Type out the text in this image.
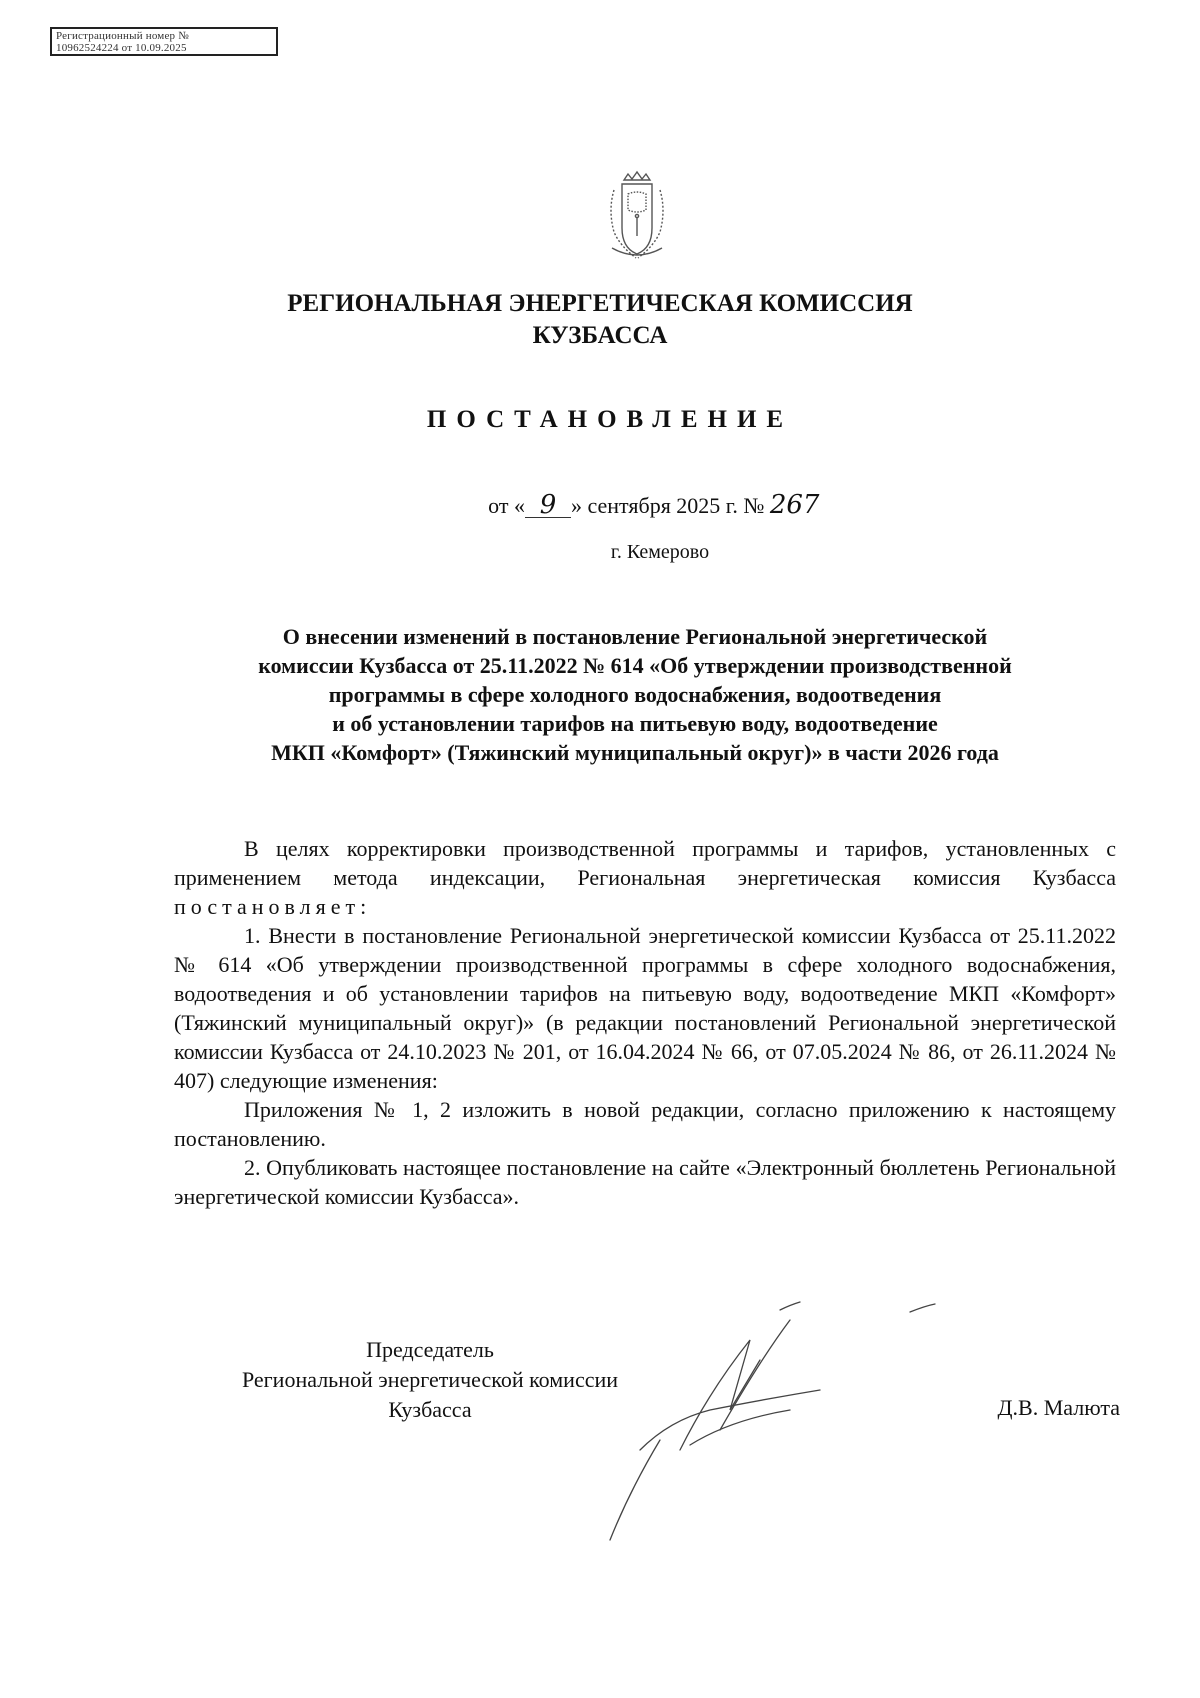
Регистрационный номер №
10962524224 от 10.09.2025
РЕГИОНАЛЬНАЯ ЭНЕРГЕТИЧЕСКАЯ КОМИССИЯ
КУЗБАССА
ПОСТАНОВЛЕНИЕ
от « 9 » сентября 2025 г. № 267
г. Кемерово
О внесении изменений в постановление Региональной энергетической
комиссии Кузбасса от 25.11.2022 № 614 «Об утверждении производственной
программы в сфере холодного водоснабжения, водоотведения
и об установлении тарифов на питьевую воду, водоотведение
МКП «Комфорт» (Тяжинский муниципальный округ)» в части 2026 года

В целях корректировки производственной программы и тарифов, установленных с применением метода индексации, Региональная энергетическая комиссия Кузбасса постановляет:

1. Внести в постановление Региональной энергетической комиссии Кузбасса от 25.11.2022 № 614 «Об утверждении производственной программы в сфере холодного водоснабжения, водоотведения и об установлении тарифов на питьевую воду, водоотведение МКП «Комфорт» (Тяжинский муниципальный округ)» (в редакции постановлений Региональной энергетической комиссии Кузбасса от 24.10.2023 № 201, от 16.04.2024 № 66, от 07.05.2024 № 86, от 26.11.2024 № 407) следующие изменения:

Приложения № 1, 2 изложить в новой редакции, согласно приложению к настоящему постановлению.

2. Опубликовать настоящее постановление на сайте «Электронный бюллетень Региональной энергетической комиссии Кузбасса».

Председатель
Региональной энергетической комиссии
Кузбасса	Д.В. Малюта
